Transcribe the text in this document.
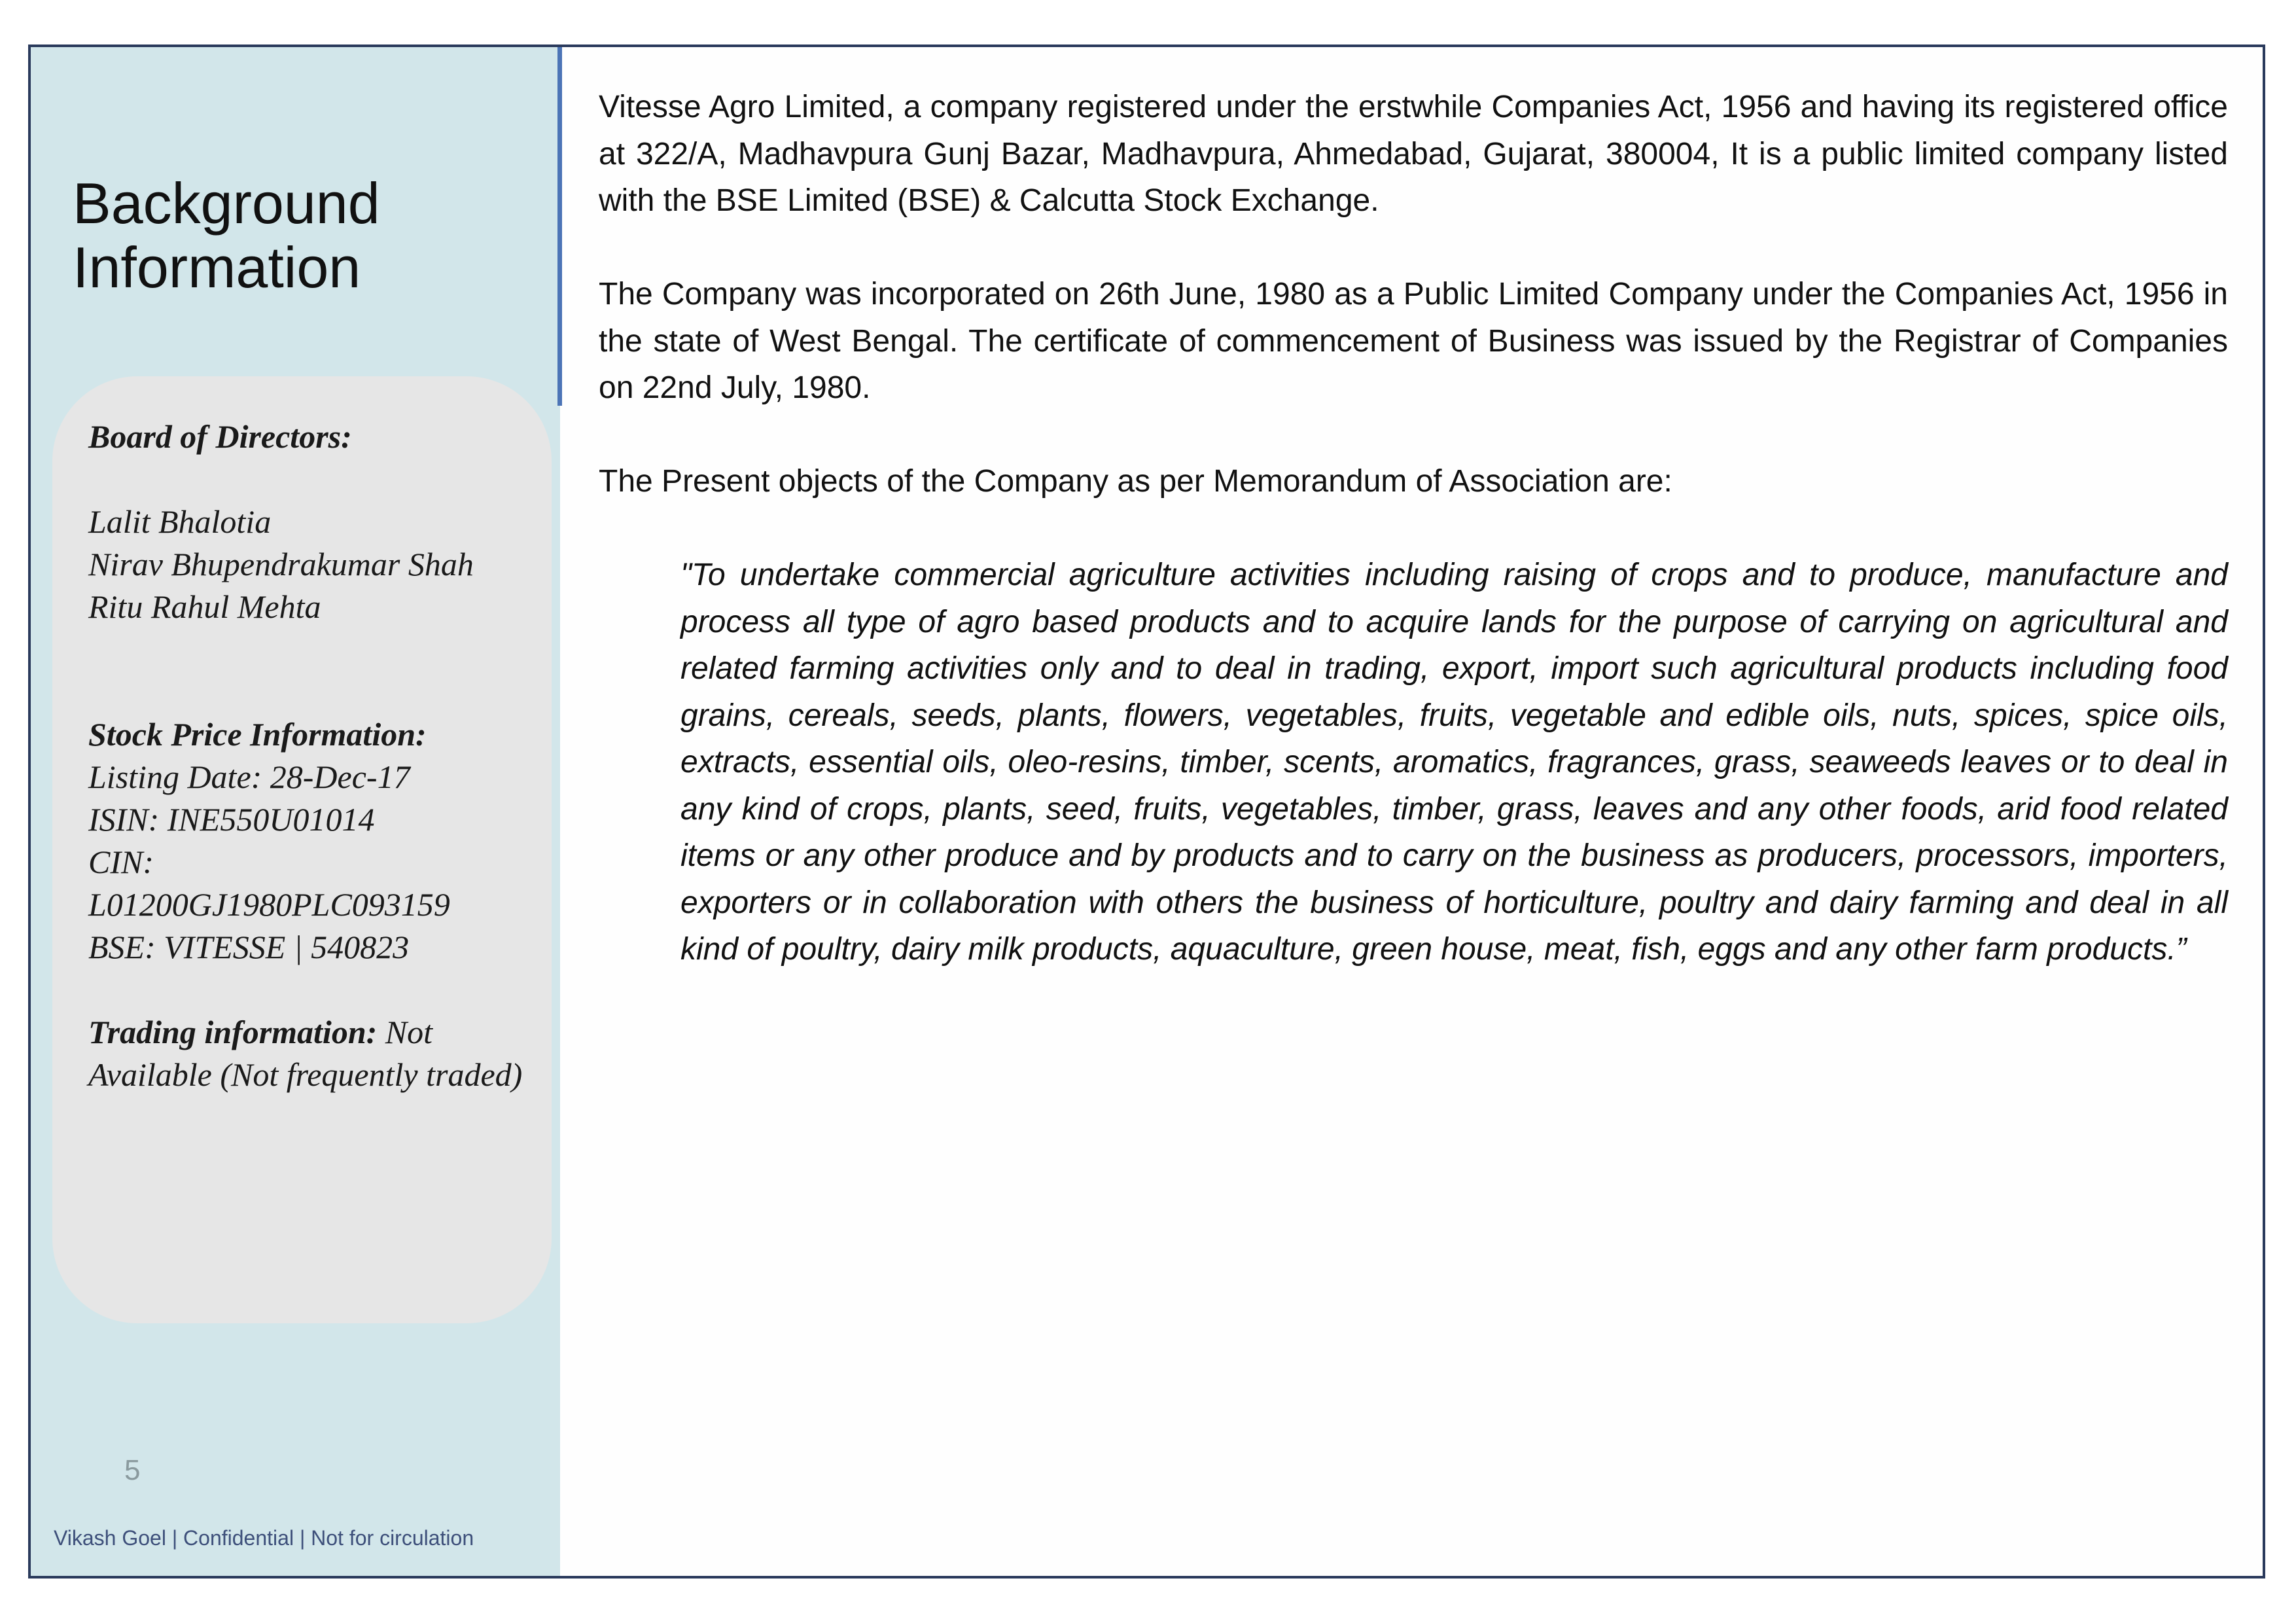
Background Information
Board of Directors:
Lalit Bhalotia
Nirav Bhupendrakumar Shah
Ritu Rahul Mehta
Stock Price Information:
Listing Date: 28-Dec-17
ISIN: INE550U01014
CIN:
L01200GJ1980PLC093159
BSE: VITESSE | 540823
Trading information: Not Available (Not frequently traded)
5
Vikash Goel | Confidential | Not for circulation

Vitesse Agro Limited, a company registered under the erstwhile Companies Act, 1956 and having its registered office at 322/A, Madhavpura Gunj Bazar, Madhavpura, Ahmedabad, Gujarat, 380004, It is a public limited company listed with the BSE Limited (BSE) & Calcutta Stock Exchange.

The Company was incorporated on 26th June, 1980 as a Public Limited Company under the Companies Act, 1956 in the state of West Bengal. The certificate of commencement of Business was issued by the Registrar of Companies on 22nd July, 1980.

The Present objects of the Company as per Memorandum of Association are:

"To undertake commercial agriculture activities including raising of crops and to produce, manufacture and process all type of agro based products and to acquire lands for the purpose of carrying on agricultural and related farming activities only and to deal in trading, export, import such agricultural products including food grains, cereals, seeds, plants, flowers, vegetables, fruits, vegetable and edible oils, nuts, spices, spice oils, extracts, essential oils, oleo-resins, timber, scents, aromatics, fragrances, grass, seaweeds leaves or to deal in any kind of crops, plants, seed, fruits, vegetables, timber, grass, leaves and any other foods, arid food related items or any other produce and by products and to carry on the business as producers, processors, importers, exporters or in collaboration with others the business of horticulture, poultry and dairy farming and deal in all kind of poultry, dairy milk products, aquaculture, green house, meat, fish, eggs and any other farm products.”
